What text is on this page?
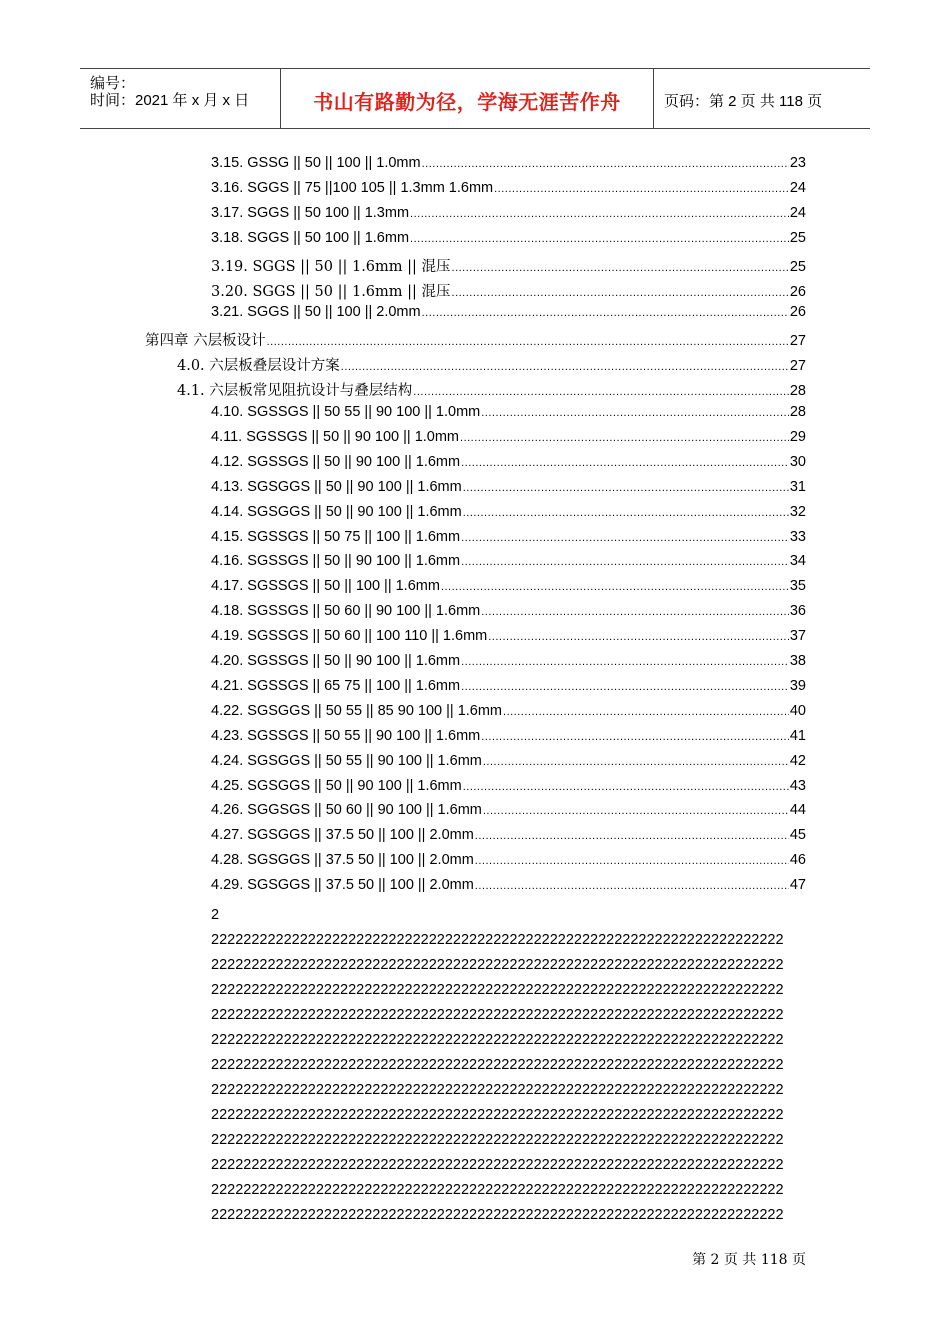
编号：
时间：2021 年 x 月 x 日	书山有路勤为径，学海无涯苦作舟	页码：第 2 页 共 118 页
3.15. GSSG || 50 || 100 || 1.0mm .....	23
3.16. SGGS || 75 ||100 105 || 1.3mm 1.6mm .....	24
3.17. SGGS || 50 100 || 1.3mm .....	24
3.18. SGGS || 50 100 || 1.6mm .....	25
3.19. SGGS || 50 || 1.6mm || 混压 .....	25
3.20. SGGS || 50 || 1.6mm || 混压 .....	26
3.21. SGGS || 50 || 100 || 2.0mm .....	26
第四章 六层板设计 .....	27
4.0. 六层板叠层设计方案 .....	27
4.1. 六层板常见阻抗设计与叠层结构 .....	28
4.10. SGSSGS || 50 55 || 90 100 || 1.0mm .....	28
4.11. SGSSGS || 50 || 90 100 || 1.0mm .....	29
4.12. SGSSGS || 50 || 90 100 || 1.6mm .....	30
4.13. SGSGGS || 50 || 90 100 || 1.6mm .....	31
4.14. SGSGGS || 50 || 90 100 || 1.6mm .....	32
4.15. SGSSGS || 50 75 || 100 || 1.6mm .....	33
4.16. SGSSGS || 50 || 90 100 || 1.6mm .....	34
4.17. SGSSGS || 50 || 100 || 1.6mm .....	35
4.18. SGSSGS || 50 60 || 90 100 || 1.6mm .....	36
4.19. SGSSGS || 50 60 || 100 110 || 1.6mm .....	37
4.20. SGSSGS || 50 || 90 100 || 1.6mm .....	38
4.21. SGSSGS || 65 75 || 100 || 1.6mm .....	39
4.22. SGSGGS || 50 55 || 85 90 100 || 1.6mm .....	40
4.23. SGSSGS || 50 55 || 90 100 || 1.6mm .....	41
4.24. SGSGGS || 50 55 || 90 100 || 1.6mm .....	42
4.25. SGSGGS || 50 || 90 100 || 1.6mm .....	43
4.26. SGGSGS || 50 60 || 90 100 || 1.6mm .....	44
4.27. SGSGGS || 37.5 50 || 100 || 2.0mm .....	45
4.28. SGSGGS || 37.5 50 || 100 || 2.0mm .....	46
4.29. SGSGGS || 37.5 50 || 100 || 2.0mm .....	47
2
22222222222222222222222222222222222222222222222222222222222222222222222
22222222222222222222222222222222222222222222222222222222222222222222222
22222222222222222222222222222222222222222222222222222222222222222222222
22222222222222222222222222222222222222222222222222222222222222222222222
22222222222222222222222222222222222222222222222222222222222222222222222
22222222222222222222222222222222222222222222222222222222222222222222222
22222222222222222222222222222222222222222222222222222222222222222222222
22222222222222222222222222222222222222222222222222222222222222222222222
22222222222222222222222222222222222222222222222222222222222222222222222
22222222222222222222222222222222222222222222222222222222222222222222222
22222222222222222222222222222222222222222222222222222222222222222222222
22222222222222222222222222222222222222222222222222222222222222222222222
第 2 页 共 118 页
